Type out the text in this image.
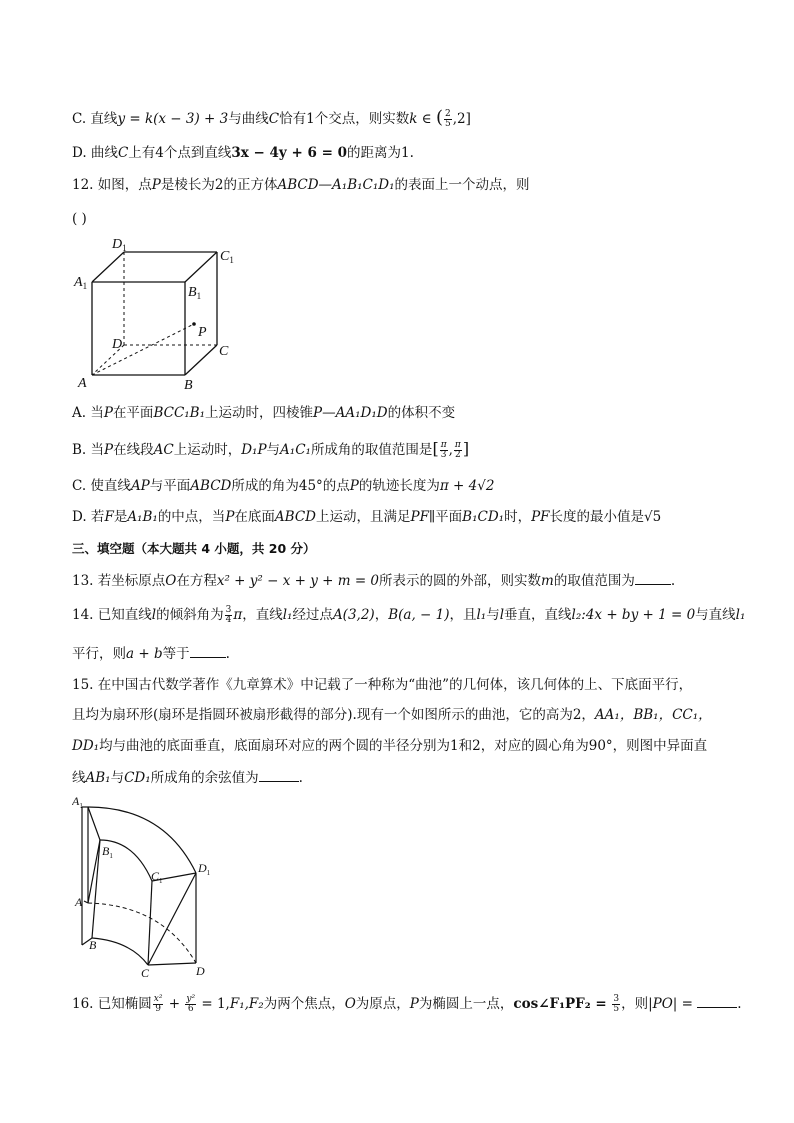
C. 直线y = k(x − 3) + 3与曲线C恰有1个交点，则实数k ∈ ( $\frac{2}{5} ,2$]
D. 曲线C上有4个点到直线3x − 4y + 6 = 0的距离为1.
12. 如图，点P是棱长为2的正方体ABCD—A₁B₁C₁D₁的表面上一个动点，则
( )
$D_1$
$C_1$
$A_1$	$B_1$
P
D	C
A	B
A. 当P在平面BCC₁B₁上运动时，四棱锥P—AA₁D₁D的体积不变
B. 当P在线段AC上运动时，D₁P与A₁C₁所成角的取值范围是[ $\frac{\pi}{3}$ , $\frac{\pi}{2}$ ]
C. 使直线AP与平面ABCD所成的角为45°的点P的轨迹长度为π + 4√2
D. 若F是A₁B₁的中点，当P在底面ABCD上运动，且满足PF∥平面B₁CD₁时，PF长度的最小值是√5
三、填空题（本大题共 4 小题，共 20 分）
13. 若坐标原点O在方程x² + y² − x + y + m = 0所表示的圆的外部，则实数m的取值范围为	.
14. 已知直线l的倾斜角为 $\frac{3}{4}$ π，直线l₁经过点A(3,2)，B(a, − 1)，且l₁与l垂直，直线l₂:4x + by + 1 = 0与直线l₁
平行，则a + b等于	.
15. 在中国古代数学著作《九章算术》中记载了一种称为“曲池”的几何体，该几何体的上、下底面平行，
且均为扇环形(扇环是指圆环被扇形截得的部分).现有一个如图所示的曲池，它的高为2，AA₁，BB₁，CC₁，
DD₁均与曲池的底面垂直，底面扇环对应的两个圆的半径分别为1和2，对应的圆心角为90°，则图中异面直
线AB₁与CD₁所成角的余弦值为	.
$A_1$
$B_1$
$C_1$
$D_1$
A
B
C	D
16. 已知椭圆 $\frac{\text{x²}}{9} + \frac{\text{y²}}{6} = 1,F_1,F_2$为两个焦点，O为原点，P为椭圆上一点，cos∠F₁PF₂ = $\frac{3}{5}$ ，则|PO| =	.
